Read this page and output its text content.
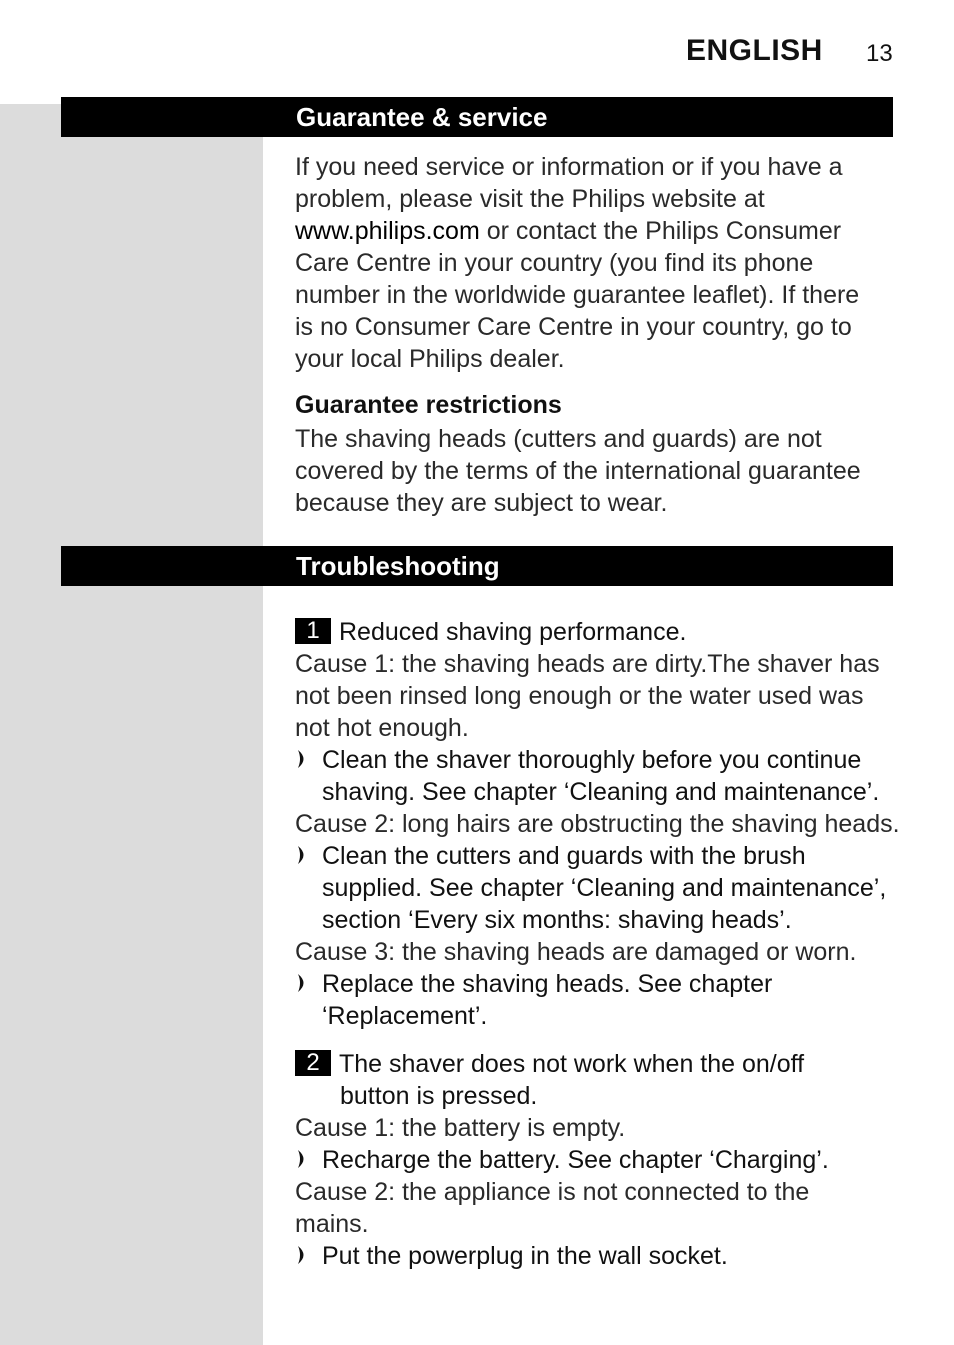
ENGLISH 13
Guarantee & service
If you need service or information or if you have a
problem, please visit the Philips website at
www.philips.com or contact the Philips Consumer
Care Centre in your country (you find its phone
number in the worldwide guarantee leaflet). If there
is no Consumer Care Centre in your country, go to
your local Philips dealer.
Guarantee restrictions
The shaving heads (cutters and guards) are not
covered by the terms of the international guarantee
because they are subject to wear.
Troubleshooting
1 Reduced shaving performance.
Cause 1: the shaving heads are dirty.The shaver has
not been rinsed long enough or the water used was
not hot enough.
Clean the shaver thoroughly before you continue
shaving. See chapter ‘Cleaning and maintenance’.
Cause 2: long hairs are obstructing the shaving heads.
Clean the cutters and guards with the brush
supplied. See chapter ‘Cleaning and maintenance’,
section ‘Every six months: shaving heads’.
Cause 3: the shaving heads are damaged or worn.
Replace the shaving heads. See chapter
‘Replacement’.
2 The shaver does not work when the on/off
button is pressed.
Cause 1: the battery is empty.
Recharge the battery. See chapter ‘Charging’.
Cause 2: the appliance is not connected to the
mains.
Put the powerplug in the wall socket.
